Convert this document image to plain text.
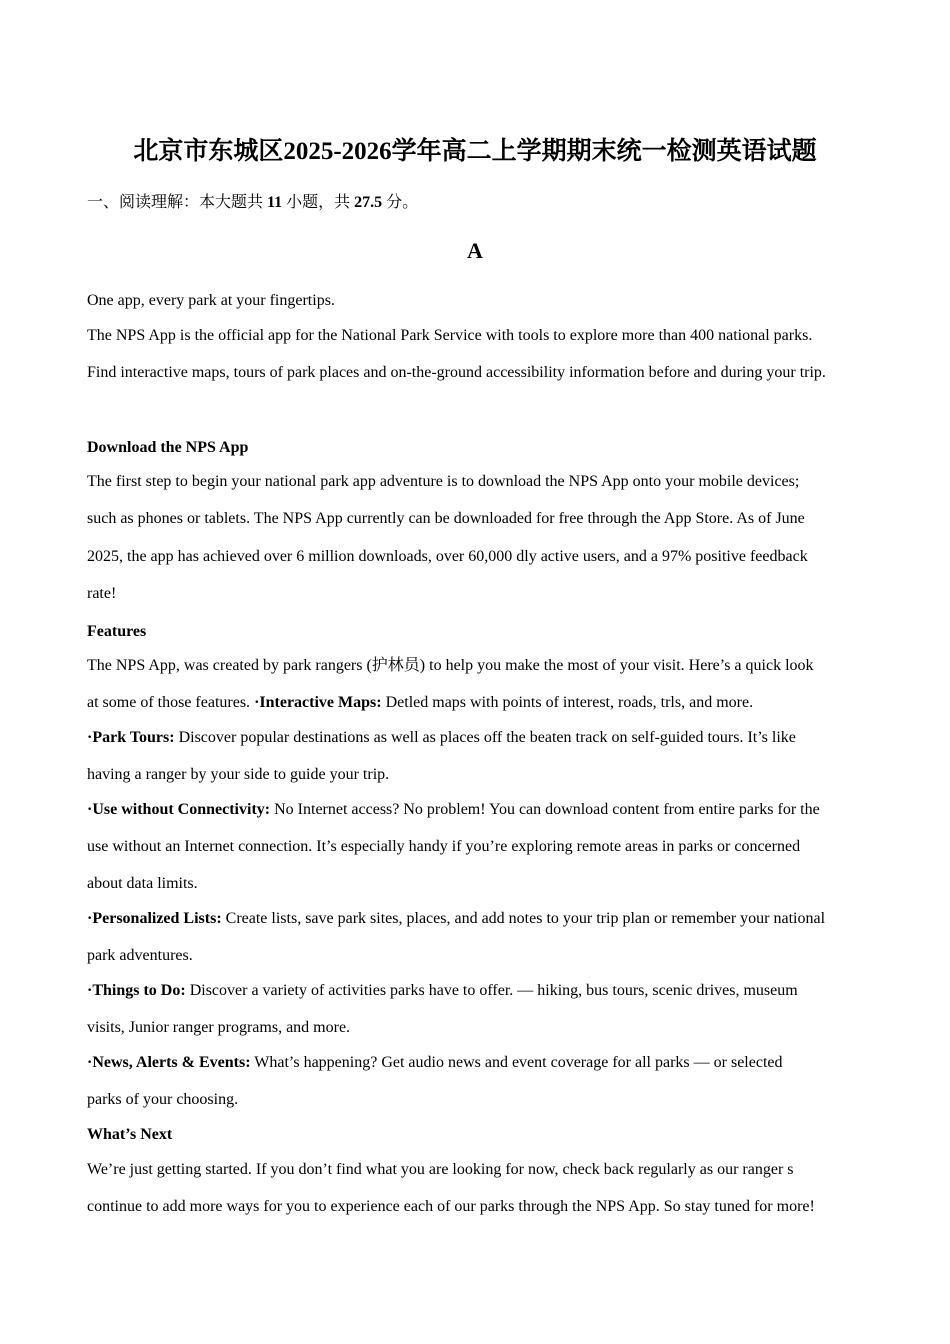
北京市东城区2025-2026学年高二上学期期末统一检测英语试题
一、阅读理解：本大题共 11 小题，共 27.5 分。
A
One app, every park at your fingertips.
The NPS App is the official app for the National Park Service with tools to explore more than 400 national parks.
Find interactive maps, tours of park places and on-the-ground accessibility information before and during your trip.
Download the NPS App
The first step to begin your national park app adventure is to download the NPS App onto your mobile devices;
such as phones or tablets. The NPS App currently can be downloaded for free through the App Store. As of June
2025, the app has achieved over 6 million downloads, over 60,000 dly active users, and a 97% positive feedback
rate!
Features
The NPS App, was created by park rangers (护林员) to help you make the most of your visit. Here’s a quick look
at some of those features. ·Interactive Maps: Detled maps with points of interest, roads, trls, and more.
·Park Tours: Discover popular destinations as well as places off the beaten track on self-guided tours. It’s like
having a ranger by your side to guide your trip.
·Use without Connectivity: No Internet access? No problem! You can download content from entire parks for the
use without an Internet connection. It’s especially handy if you’re exploring remote areas in parks or concerned
about data limits.
·Personalized Lists: Create lists, save park sites, places, and add notes to your trip plan or remember your national
park adventures.
·Things to Do: Discover a variety of activities parks have to offer. — hiking, bus tours, scenic drives, museum
visits, Junior ranger programs, and more.
·News, Alerts & Events: What’s happening? Get audio news and event coverage for all parks — or selected
parks of your choosing.
What’s Next
We’re just getting started. If you don’t find what you are looking for now, check back regularly as our ranger s
continue to add more ways for you to experience each of our parks through the NPS App. So stay tuned for more!
